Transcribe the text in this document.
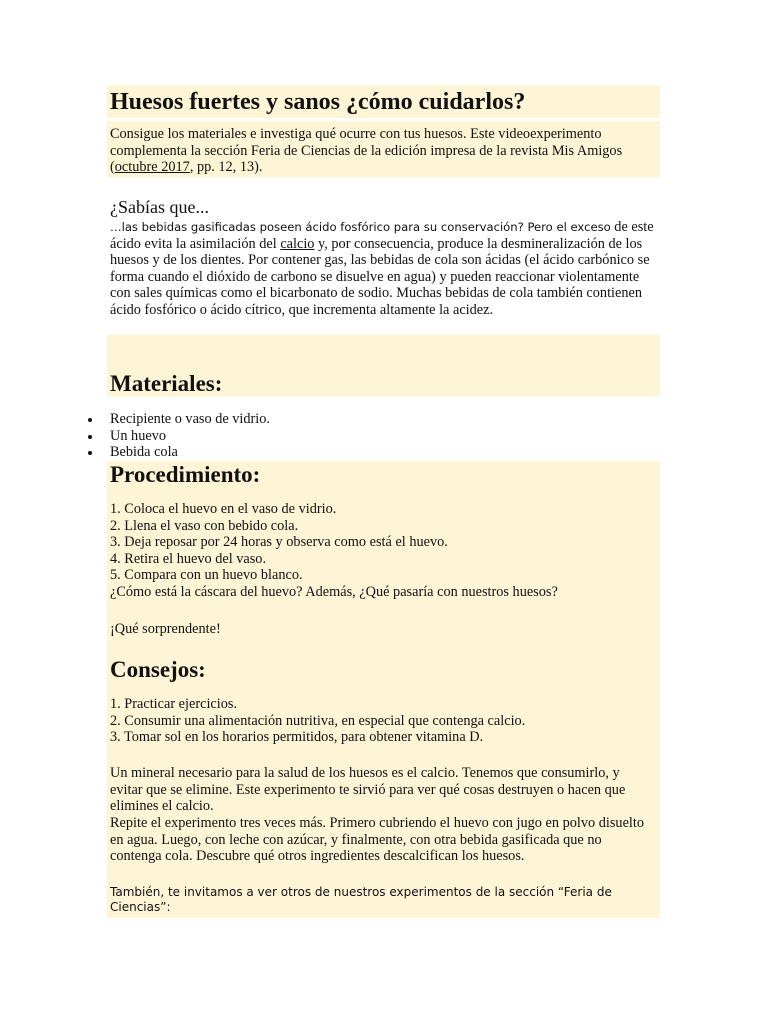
Huesos fuertes y sanos ¿cómo cuidarlos?
Consigue los materiales e investiga qué ocurre con tus huesos. Este videoexperimento complementa la sección Feria de Ciencias de la edición impresa de la revista Mis Amigos (octubre 2017, pp. 12, 13).
¿Sabías que...
…las bebidas gasificadas poseen ácido fosfórico para su conservación? Pero el exceso de este ácido evita la asimilación del calcio y, por consecuencia, produce la desmineralización de los huesos y de los dientes. Por contener gas, las bebidas de cola son ácidas (el ácido carbónico se forma cuando el dióxido de carbono se disuelve en agua) y pueden reaccionar violentamente con sales químicas como el bicarbonato de sodio. Muchas bebidas de cola también contienen ácido fosfórico o ácido cítrico, que incrementa altamente la acidez.
Materiales:
Recipiente o vaso de vidrio.
Un huevo
Bebida cola
Procedimiento:
1. Coloca el huevo en el vaso de vidrio.
2. Llena el vaso con bebido cola.
3. Deja reposar por 24 horas y observa como está el huevo.
4. Retira el huevo del vaso.
5. Compara con un huevo blanco.
¿Cómo está la cáscara del huevo? Además, ¿Qué pasaría con nuestros huesos?
¡Qué sorprendente!
Consejos:
1. Practicar ejercicios.
2. Consumir una alimentación nutritiva, en especial que contenga calcio.
3. Tomar sol en los horarios permitidos, para obtener vitamina D.
Un mineral necesario para la salud de los huesos es el calcio. Tenemos que consumirlo, y evitar que se elimine. Este experimento te sirvió para ver qué cosas destruyen o hacen que elimines el calcio.
Repite el experimento tres veces más. Primero cubriendo el huevo con jugo en polvo disuelto en agua. Luego, con leche con azúcar, y finalmente, con otra bebida gasificada que no contenga cola. Descubre qué otros ingredientes descalcifican los huesos.
También, te invitamos a ver otros de nuestros experimentos de la sección “Feria de Ciencias”:
